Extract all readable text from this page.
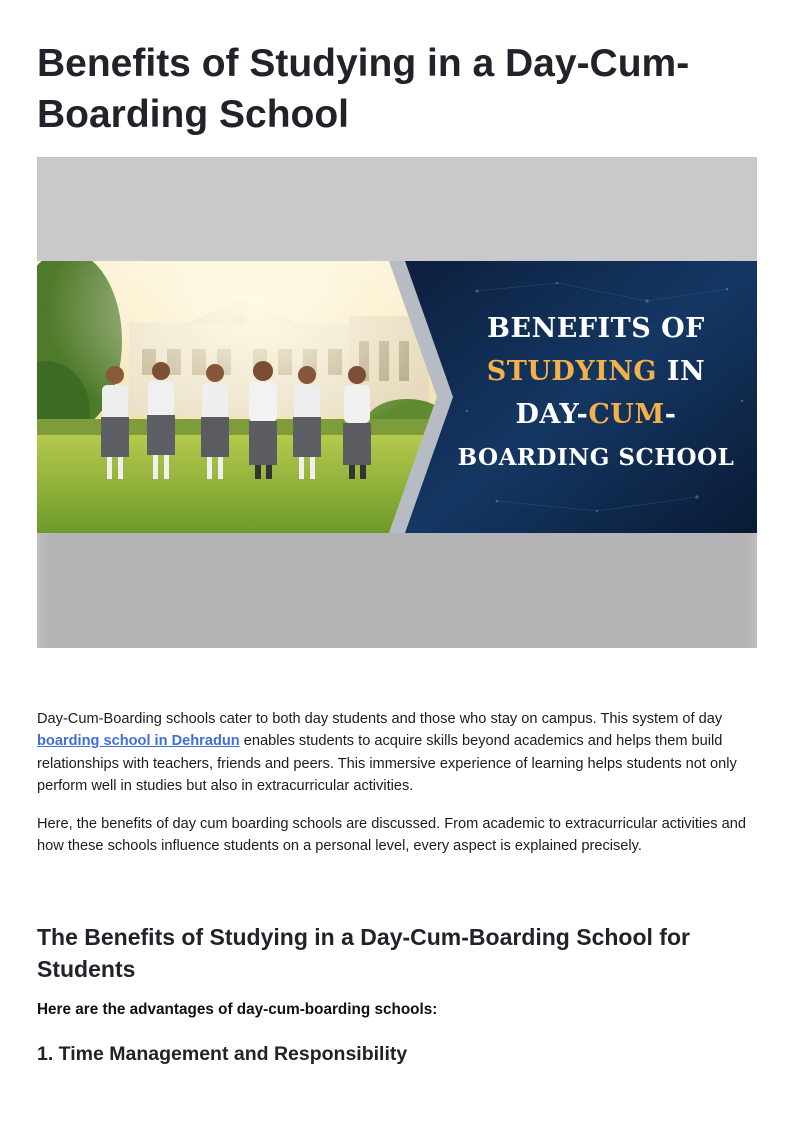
Benefits of Studying in a Day-Cum-Boarding School
BENEFITS OF
STUDYING IN
DAY-CUM-
BOARDING SCHOOL

Day-Cum-Boarding schools cater to both day students and those who stay on campus. This system of day boarding school in Dehradun enables students to acquire skills beyond academics and helps them build relationships with teachers, friends and peers. This immersive experience of learning helps students not only perform well in studies but also in extracurricular activities.

Here, the benefits of day cum boarding schools are discussed. From academic to extracurricular activities and how these schools influence students on a personal level, every aspect is explained precisely.

The Benefits of Studying in a Day-Cum-Boarding School for Students

Here are the advantages of day-cum-boarding schools:

1. Time Management and Responsibility
